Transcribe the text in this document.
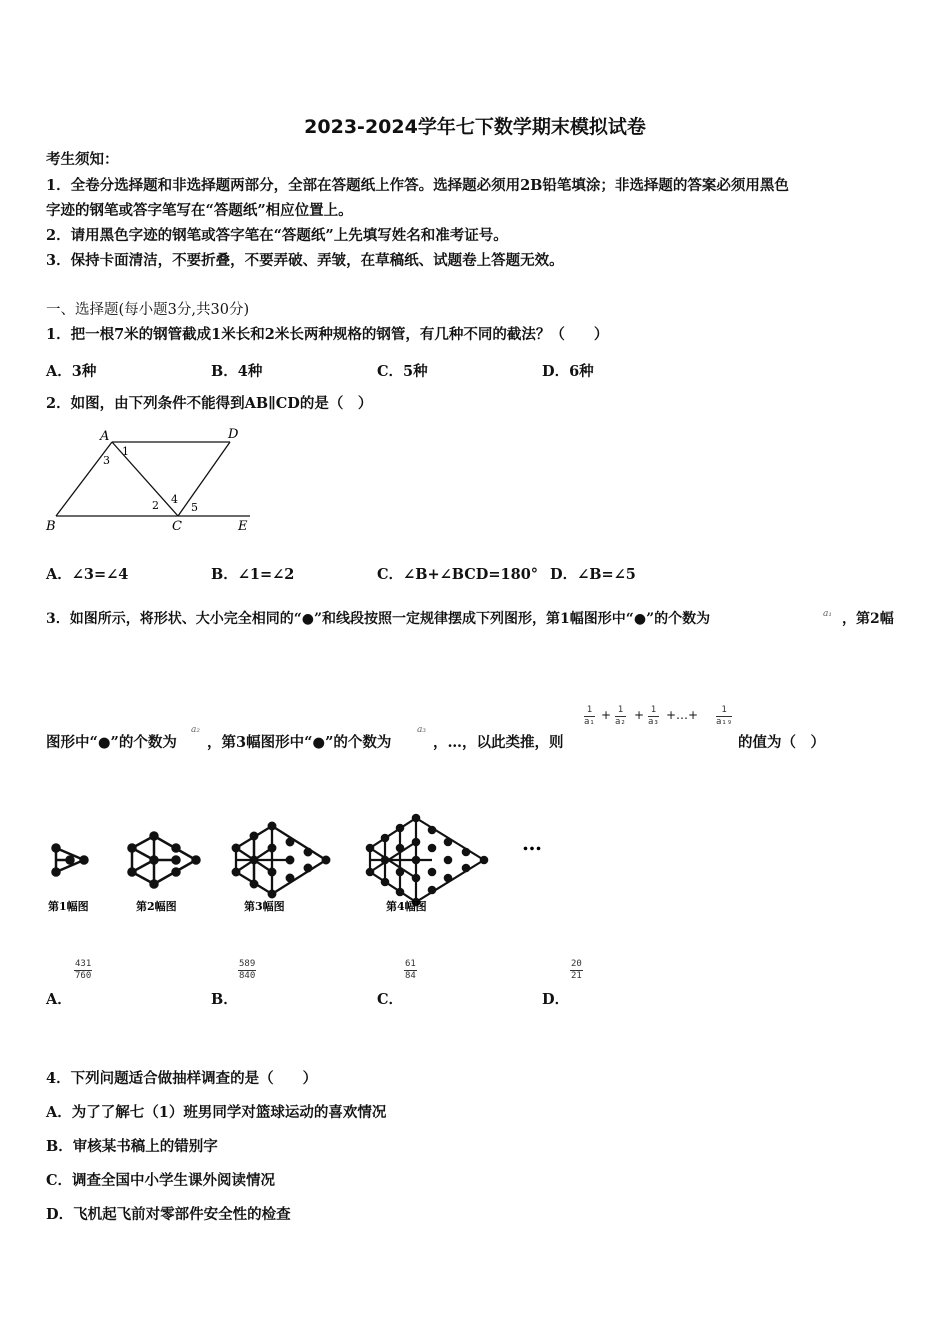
2023-2024学年七下数学期末模拟试卷
考生须知：
1．全卷分选择题和非选择题两部分，全部在答题纸上作答。选择题必须用2B铅笔填涂；非选择题的答案必须用黑色
字迹的钢笔或答字笔写在“答题纸”相应位置上。
2．请用黑色字迹的钢笔或答字笔在“答题纸”上先填写姓名和准考证号。
3．保持卡面清洁，不要折叠，不要弄破、弄皱，在草稿纸、试题卷上答题无效。
一、选择题(每小题3分,共30分)
1．把一根7米的钢管截成1米长和2米长两种规格的钢管，有几种不同的截法？（　　）
A．3种	B．4种	C．5种	D．6种
2．如图，由下列条件不能得到AB∥CD的是（　）
A	D
B	C	E
1
2
3
4
5
A．∠3=∠4	B．∠1=∠2	C．∠B+∠BCD=180° D．∠B=∠5
3．如图所示，将形状、大小完全相同的“●”和线段按照一定规律摆成下列图形，第1幅图形中“●”的个数为	a₁ ，第2幅
图形中“●”的个数为
a₂
，第3幅图形中“●”的个数为
a₃
，…，以此类推，则
$\frac{1}{\text{a₁}} + \frac{1}{\text{a₂}} + \frac{1}{\text{a₃}}$ +…+ $\frac{1}{\text{a₁₉}}$
的值为（　）
第1幅图	第2幅图	第3幅图	第4幅图
…
A．
$\frac{431}{760}$
B．
$\frac{589}{840}$
C．
$\frac{61}{84}$
D．
$\frac{20}{21}$
4．下列问题适合做抽样调查的是（　　）
A．为了了解七（1）班男同学对篮球运动的喜欢情况
B．审核某书稿上的错别字
C．调查全国中小学生课外阅读情况
D．飞机起飞前对零部件安全性的检查
